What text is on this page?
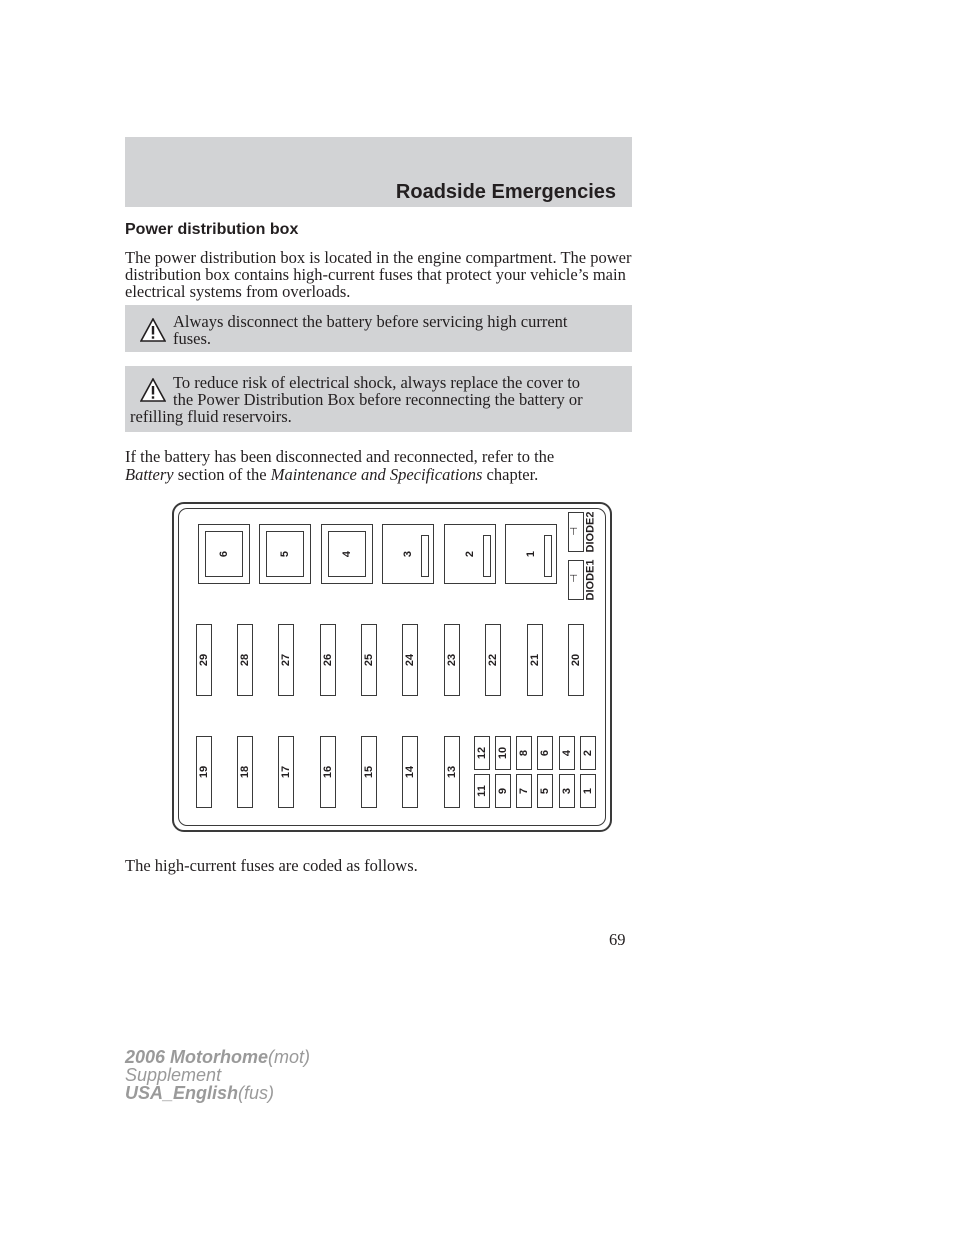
Roadside Emergencies
Power distribution box
The power distribution box is located in the engine compartment. The power distribution box contains high-current fuses that protect your vehicle’s main electrical systems from overloads.
Always disconnect the battery before servicing high current
fuses.
To reduce risk of electrical shock, always replace the cover to
the Power Distribution Box before reconnecting the battery or
refilling fluid reservoirs.
If the battery has been disconnected and reconnected, refer to the
Battery section of the Maintenance and Specifications chapter.
6	5	4	3	2	1
⊣
⊣
DIODE2
DIODE1
29	28	27	26	25	24	23	22	21	20
19	18	17	16	15	14	13
12 10 8 6 4 2
11 9 7 5 3 1
The high-current fuses are coded as follows.
69
2006 Motorhome(mot)
Supplement
USA_English(fus)
